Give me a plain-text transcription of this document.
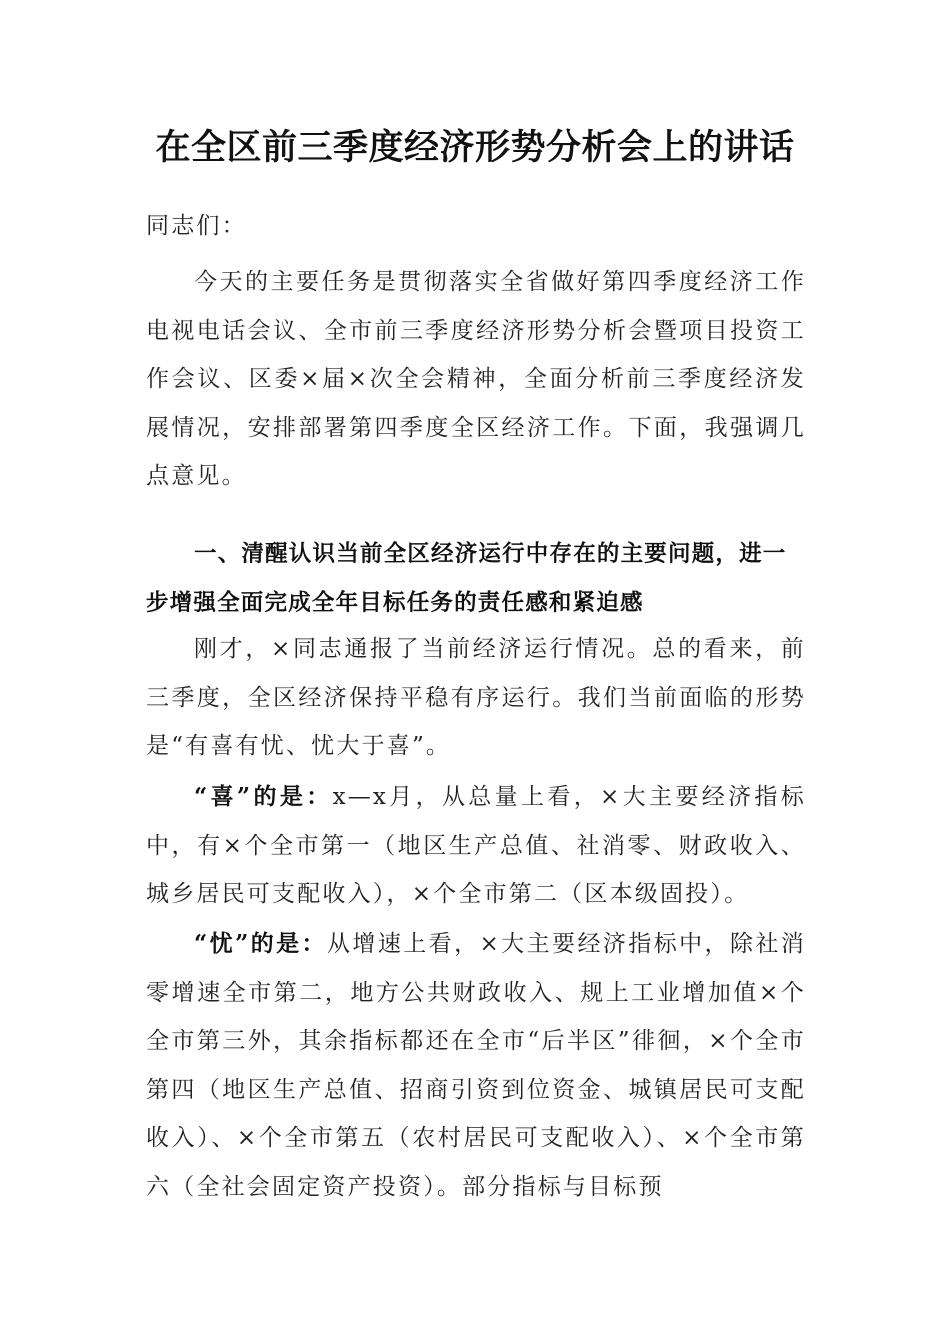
在全区前三季度经济形势分析会上的讲话
同志们：

今天的主要任务是贯彻落实全省做好第四季度经济工作电视电话会议、全市前三季度经济形势分析会暨项目投资工作会议、区委×届×次全会精神，全面分析前三季度经济发展情况，安排部署第四季度全区经济工作。下面，我强调几点意见。

一、清醒认识当前全区经济运行中存在的主要问题，进一步增强全面完成全年目标任务的责任感和紧迫感

刚才，×同志通报了当前经济运行情况。总的看来，前三季度，全区经济保持平稳有序运行。我们当前面临的形势是“有喜有忧、忧大于喜”。

“喜”的是：x—x月，从总量上看，×大主要经济指标中，有×个全市第一（地区生产总值、社消零、财政收入、城乡居民可支配收入），×个全市第二（区本级固投）。

“忧”的是：从增速上看，×大主要经济指标中，除社消零增速全市第二，地方公共财政收入、规上工业增加值×个全市第三外，其余指标都还在全市“后半区”徘徊，×个全市第四（地区生产总值、招商引资到位资金、城镇居民可支配收入）、×个全市第五（农村居民可支配收入）、×个全市第六（全社会固定资产投资）。部分指标与目标预
